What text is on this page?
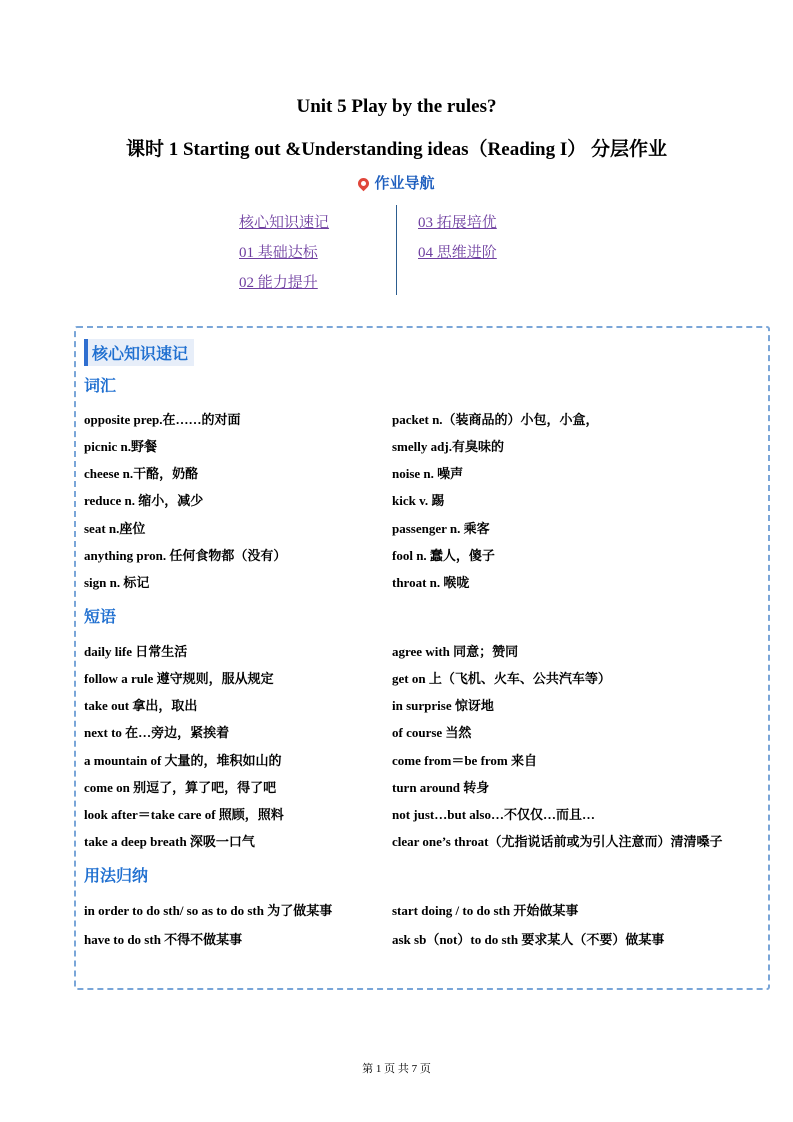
Unit 5 Play by the rules?
课时 1 Starting out &Understanding ideas（Reading I） 分层作业
作业导航
核心知识速记
01 基础达标
02 能力提升
03 拓展培优
04 思维进阶
核心知识速记
词汇
opposite prep.在……的对面
picnic n.野餐
cheese n.干酪，奶酪
reduce n. 缩小，减少
seat n.座位
anything pron. 任何食物都（没有）
sign n. 标记
packet n.（装商品的）小包，小盒，
smelly adj.有臭味的
noise n. 噪声
kick v. 踢
passenger n. 乘客
fool n. 蠢人，傻子
throat n. 喉咙
短语
daily life 日常生活
follow a rule 遵守规则，服从规定
take out 拿出，取出
next to 在…旁边，紧挨着
a mountain of 大量的，堆积如山的
come on 别逗了，算了吧，得了吧
look after＝take care of 照顾，照料
take a deep breath 深吸一口气
agree with 同意；赞同
get on 上（飞机、火车、公共汽车等）
in surprise 惊讶地
of course 当然
come from＝be from 来自
turn around 转身
not just…but also…不仅仅…而且…
clear one’s throat（尤指说话前或为引人注意而）清清嗓子
用法归纳
in order to do sth/ so as to do sth 为了做某事
have to do sth 不得不做某事
start doing / to do sth 开始做某事
ask sb（not）to do sth 要求某人（不要）做某事
第 1 页 共 7 页
